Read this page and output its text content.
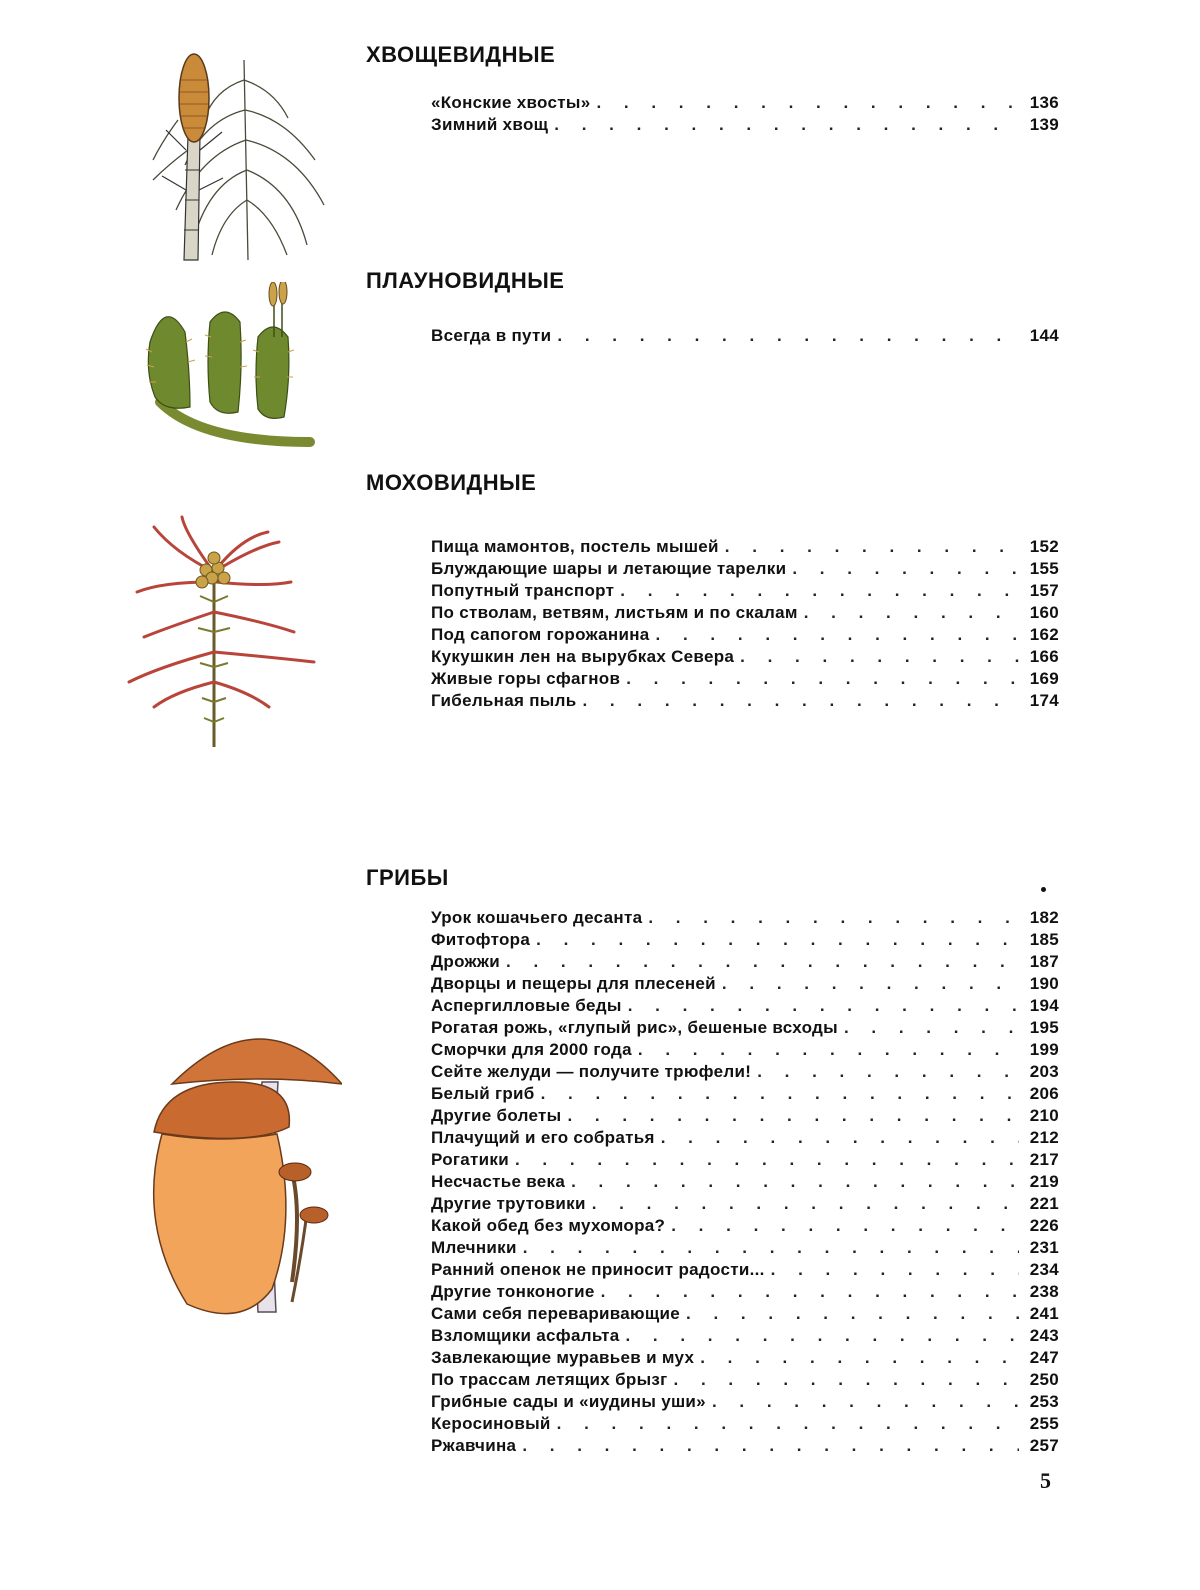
ХВОЩЕВИДНЫЕ
«Конские хвосты» . . .	136
Зимний хвощ . . .	139
ПЛАУНОВИДНЫЕ
Всегда в пути . . .	144
МОХОВИДНЫЕ
Пища мамонтов, постель мышей . . .	152
Блуждающие шары и летающие тарелки . . .	155
Попутный транспорт . . .	157
По стволам, ветвям, листьям и по скалам . . .	160
Под сапогом горожанина . . .	162
Кукушкин лен на вырубках Севера . . .	166
Живые горы сфагнов . . .	169
Гибельная пыль . . .	174
ГРИБЫ
Урок кошачьего десанта . . .	182
Фитофтора . . .	185
Дрожжи . . .	187
Дворцы и пещеры для плесеней . . .	190
Аспергилловые беды . . .	194
Рогатая рожь, «глупый рис», бешеные всходы . . .	195
Сморчки для 2000 года . . .	199
Сейте желуди — получите трюфели! . . .	203
Белый гриб . . .	206
Другие болеты . . .	210
Плачущий и его собратья . . .	212
Рогатики . . .	217
Несчастье века . . .	219
Другие трутовики . . .	221
Какой обед без мухомора? . . .	226
Млечники . . .	231
Ранний опенок не приносит радости... . . .	234
Другие тонконогие . . .	238
Сами себя переваривающие . . .	241
Взломщики асфальта . . .	243
Завлекающие муравьев и мух . . .	247
По трассам летящих брызг . . .	250
Грибные сады и «иудины уши» . . .	253
Керосиновый . . .	255
Ржавчина . . .	257
5
